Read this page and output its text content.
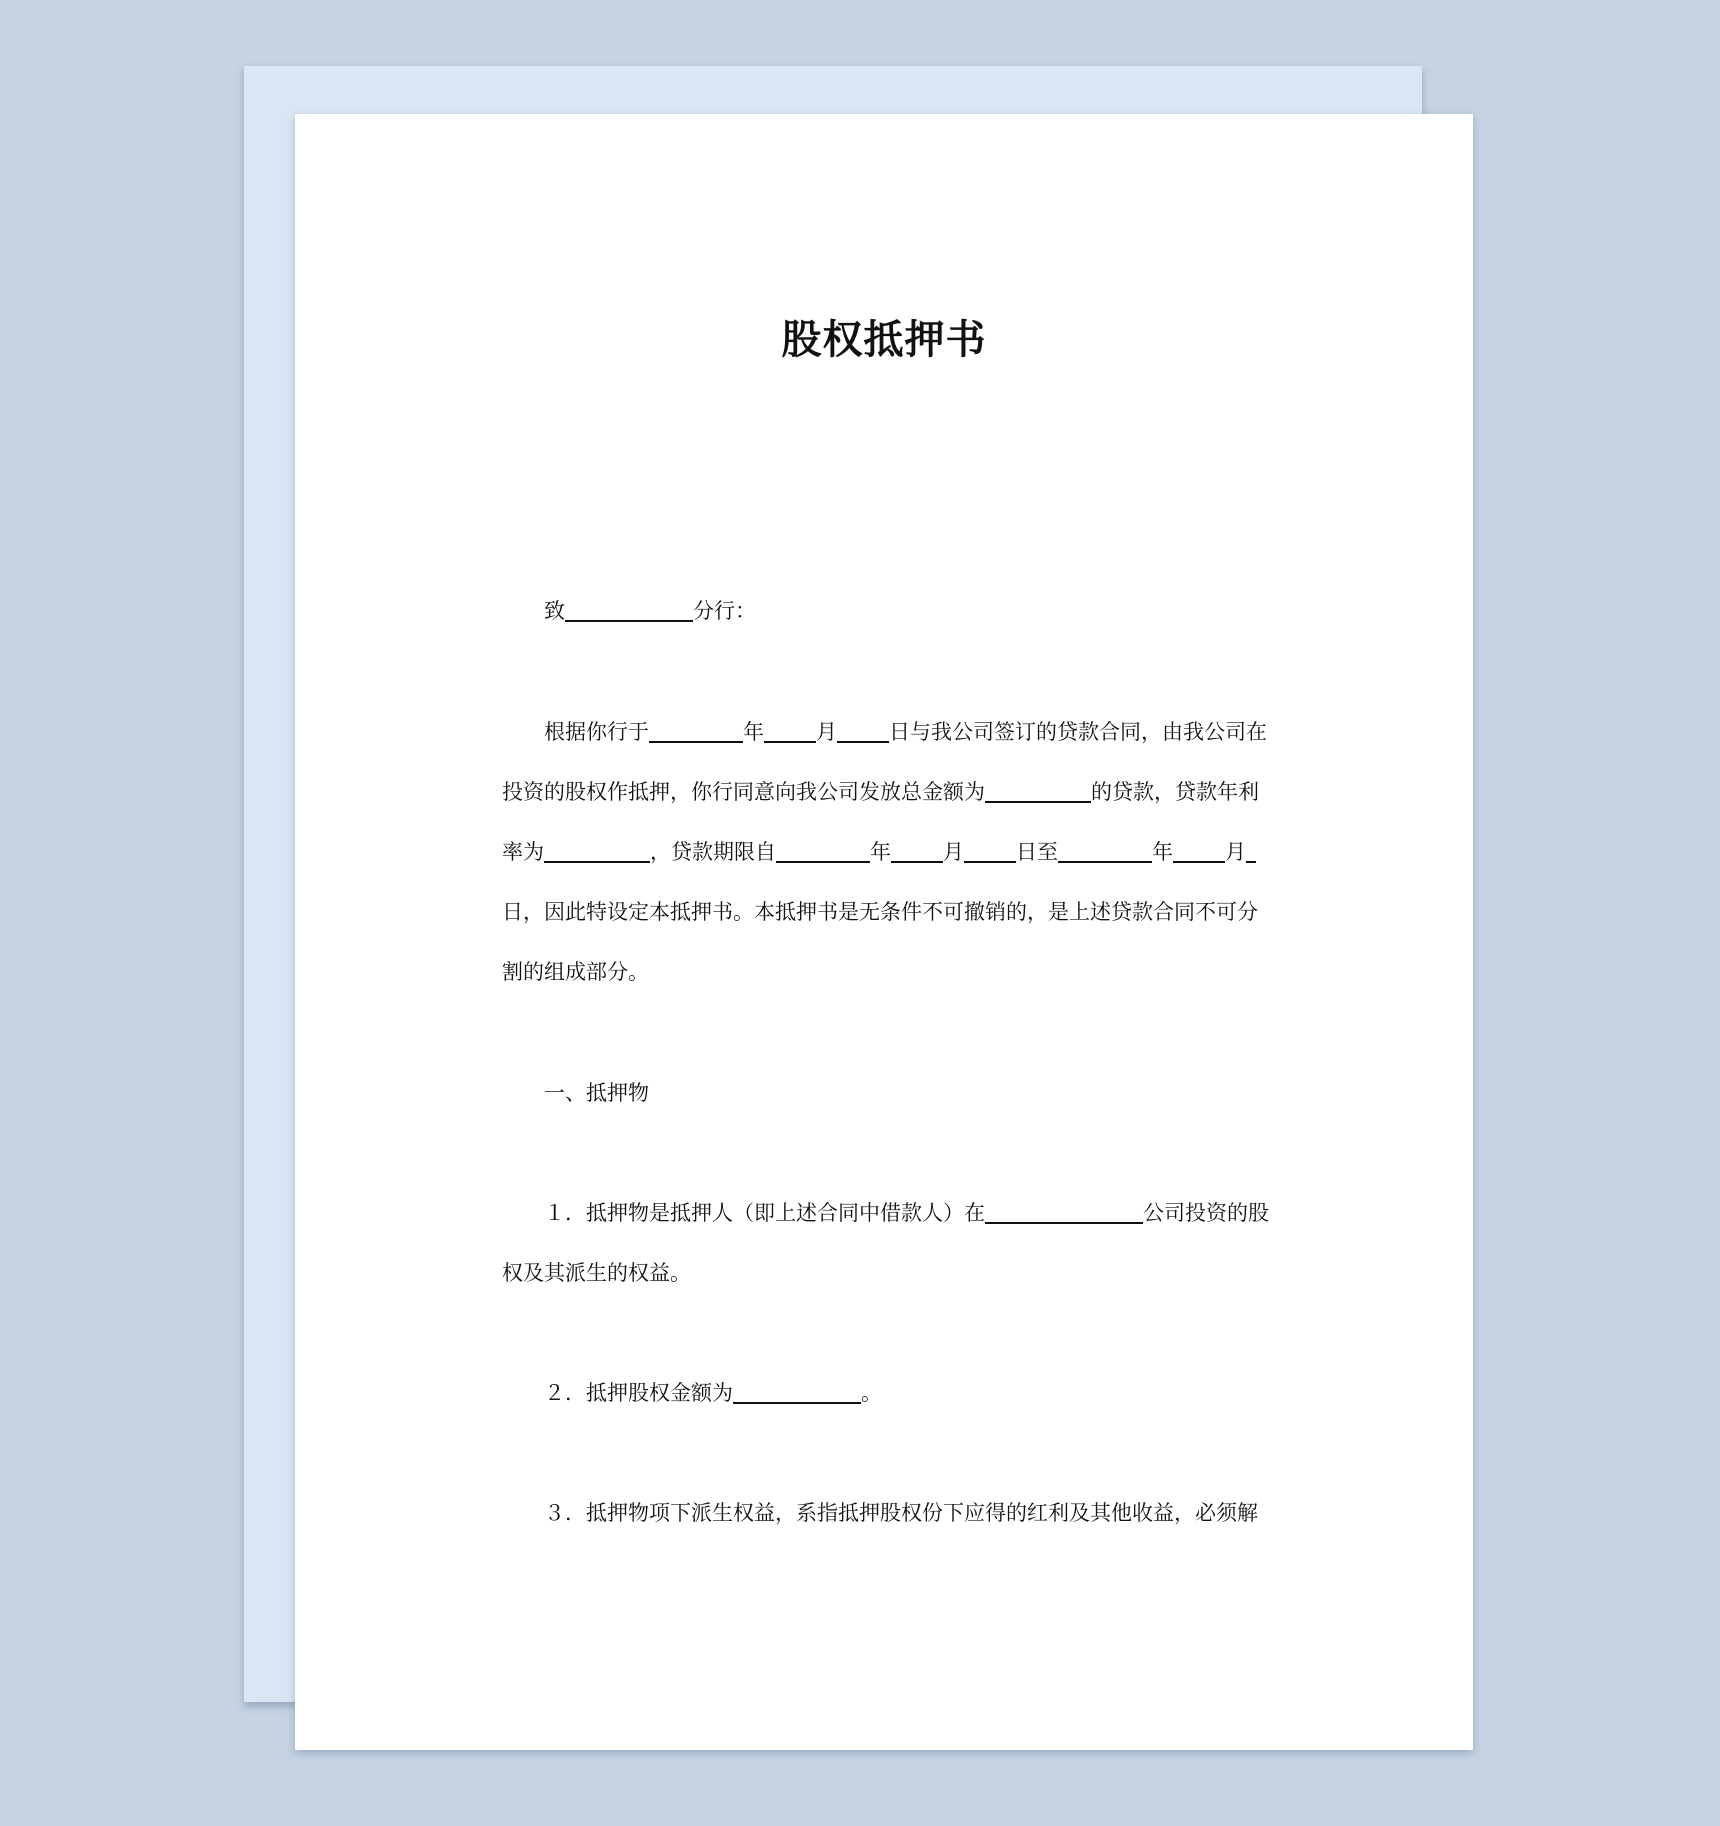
股权抵押书
致	分行：
根据你行于	年 月 日与我公司签订的贷款合同，由我公司在
投资的股权作抵押，你行同意向我公司发放总金额为	的贷款，贷款年利
率为	，贷款期限自	年 月 日至	年 月
日，因此特设定本抵押书。本抵押书是无条件不可撤销的，是上述贷款合同不可分
割的组成部分。
一、抵押物
１．抵押物是抵押人（即上述合同中借款人）在	公司投资的股
权及其派生的权益。
２．抵押股权金额为	。
３．抵押物项下派生权益，系指抵押股权份下应得的红利及其他收益，必须解
